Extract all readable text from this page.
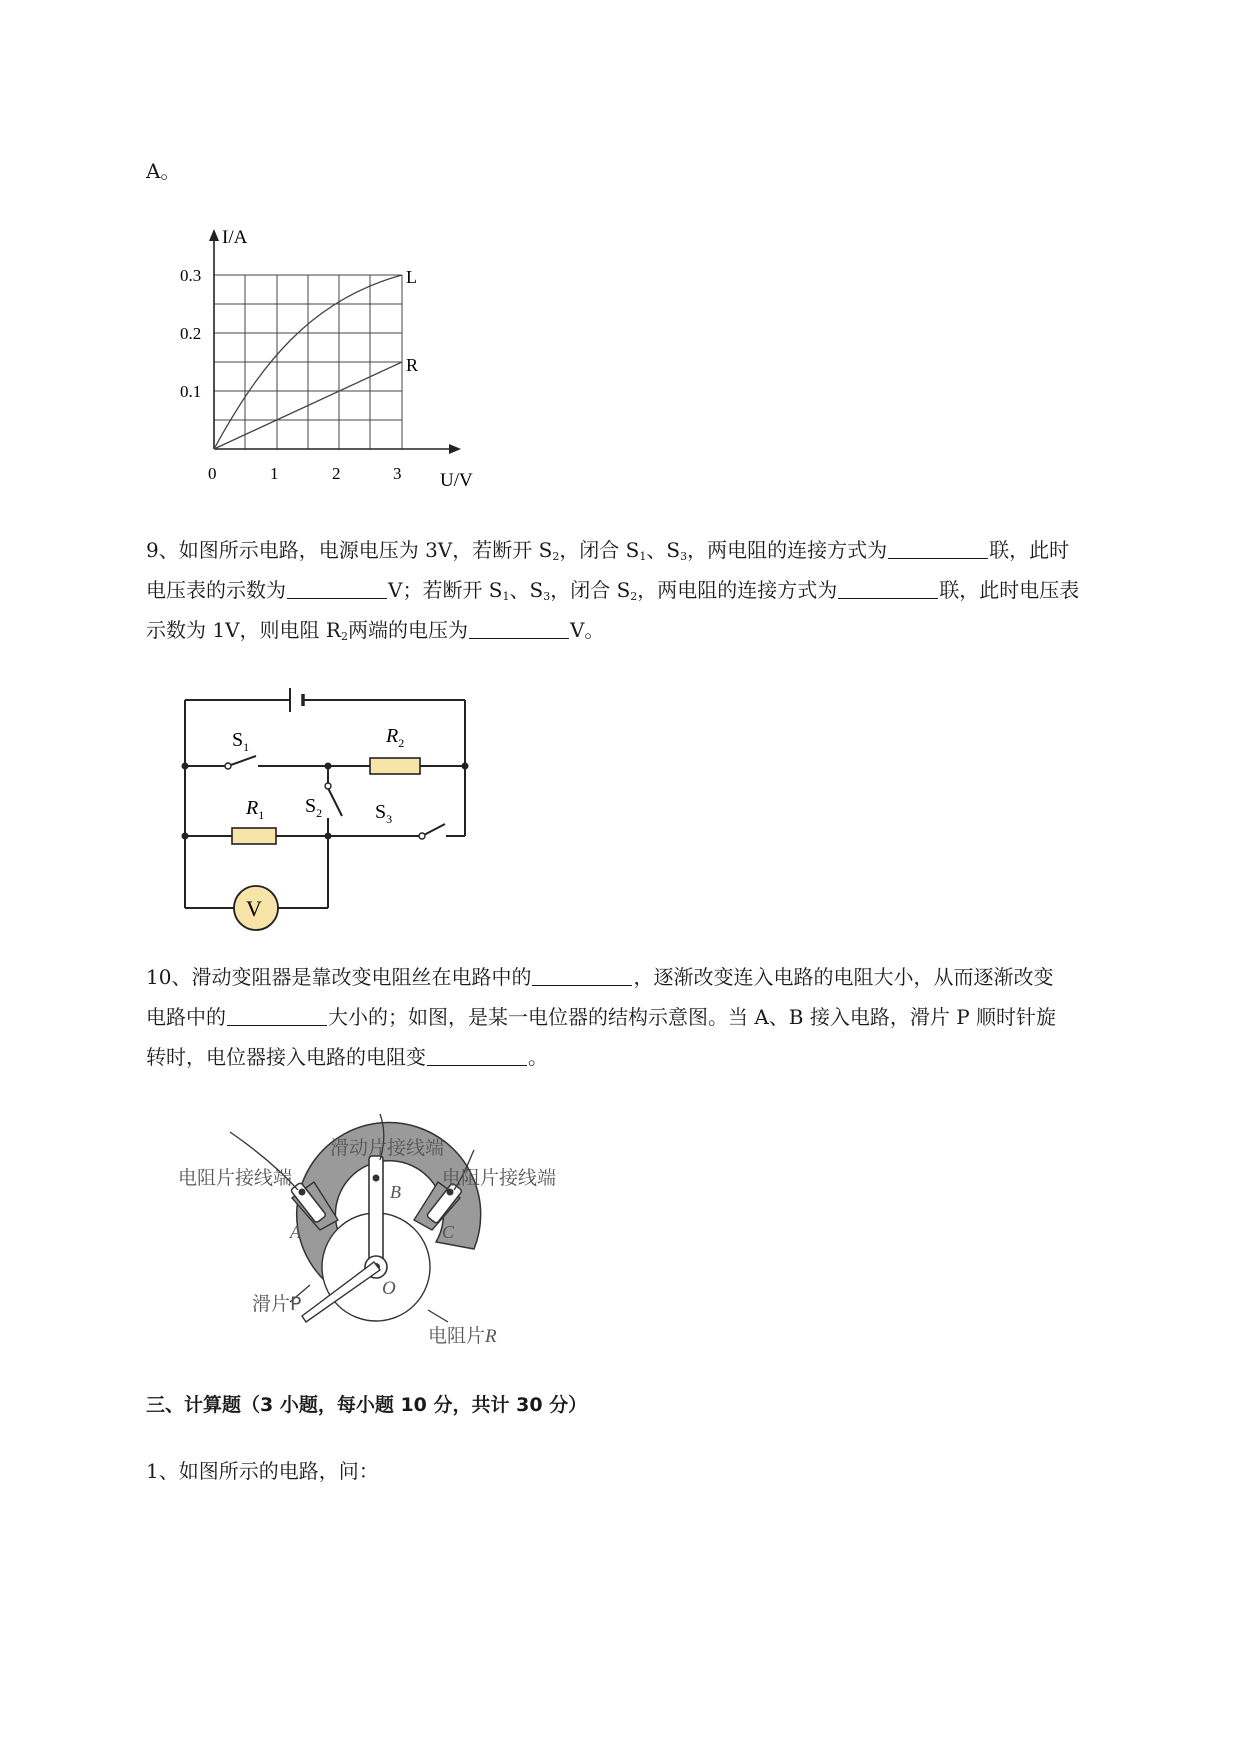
A。
I/A
U/V
0.3
0.2
0.1
0	1	2	3
L
R
9、如图所示电路，电源电压为 3V，若断开 $S_2$，闭合 $S_1$、$S_3$，两电阻的连接方式为	联，此时
电压表的示数为	V；若断开 $S_1$、$S_3$，闭合 $S_2$，两电阻的连接方式为	联，此时电压表
示数为 1V，则电阻 $R_2$两端的电压为	V。
V
$S_1$	$R_2$
$R_1$ $S_2$	$S_3$
10、滑动变阻器是靠改变电阻丝在电路中的	，逐渐改变连入电路的电阻大小，从而逐渐改变
电路中的	大小的；如图，是某一电位器的结构示意图。当 A、B 接入电路，滑片 P 顺时针旋
转时，电位器接入电路的电阻变	。
滑动片接线端
电阻片接线端	电阻片接线端
B
A	C
O
滑片P
电阻片R
三、计算题（3 小题，每小题 10 分，共计 30 分）
1、如图所示的电路，问：
